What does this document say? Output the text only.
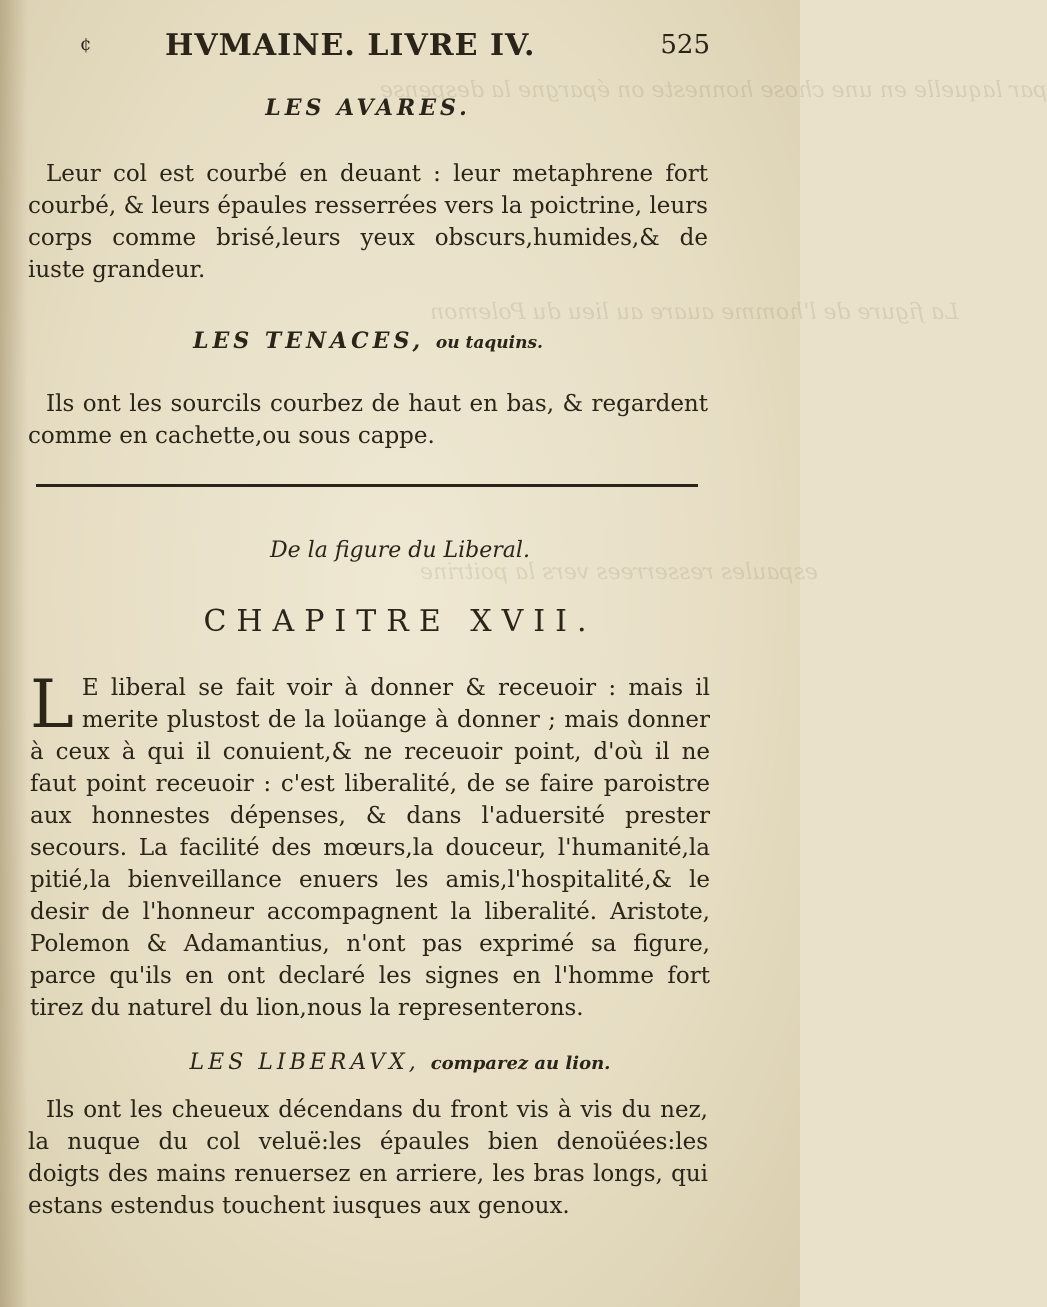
par laquelle en une chose honneste on épargne la despense
La figure de l'homme auare au lieu du Polemon
espaules resserrees vers la poitrine
¢ HVMAINE. LIVRE IV.	525
LES AVARES.

Leur col est courbé en deuant : leur metaphrene fort courbé, & leurs épaules resserrées vers la poictrine, leurs corps comme brisé,leurs yeux obscurs,humides,& de iuste grandeur.

LES TENACES, ou taquins.

Ils ont les sourcils courbez de haut en bas, & regardent comme en cachette,ou sous cappe.

De la figure du Liberal.
CHAPITRE XVII.
L E liberal se fait voir à donner & receuoir : mais il merite plustost de la loüange à donner ; mais donner à ceux à qui il conuient,& ne receuoir point, d'où il ne faut point receuoir : c'est liberalité, de se faire paroistre aux honnestes dépenses, & dans l'aduersité prester secours. La facilité des mœurs,la douceur, l'humanité,la pitié,la bienveillance enuers les amis,l'hospitalité,& le desir de l'honneur accompagnent la liberalité. Aristote, Polemon & Adamantius, n'ont pas exprimé sa figure, parce qu'ils en ont declaré les signes en l'homme fort tirez du naturel du lion,nous la representerons.

LES LIBERAVX, comparez au lion.

Ils ont les cheueux décendans du front vis à vis du nez, la nuque du col veluë:les épaules bien denoüées:les doigts des mains renuersez en arriere, les bras longs, qui estans estendus touchent iusques aux genoux.
